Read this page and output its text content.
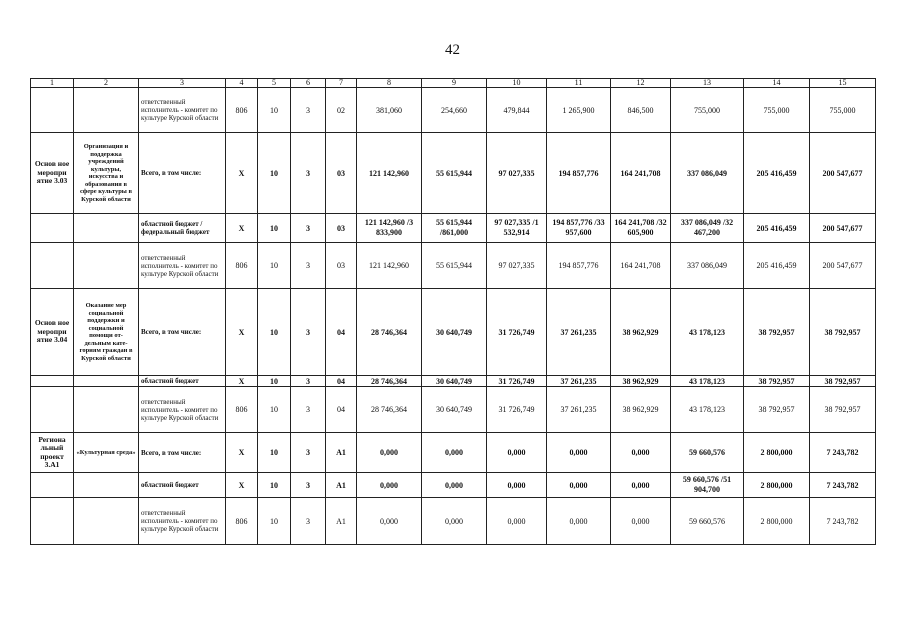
42
1	2	3	4	5	6	7	8	9	10	11	12	13	14	15
		ответственный исполнитель - комитет по культуре Курской области	806	10	3	02	381,060	254,660	479,844	1 265,900	846,500	755,000	755,000	755,000
Основ ное меропри ятие 3.03	Организация и поддержка учреждений культуры, искусства и образования в сфере культуры в Курской области	Всего, в том числе:	Х	10	3	03	121 142,960	55 615,944	97 027,335	194 857,776	164 241,708	337 086,049	205 416,459	200 547,677
		областной бюджет /федеральный бюджет	Х	10	3	03	121 142,960 /3 833,900	55 615,944 /861,000	97 027,335 /1 532,914	194 857,776 /33 957,600	164 241,708 /32 605,900	337 086,049 /32 467,200	205 416,459	200 547,677
		ответственный исполнитель - комитет по культуре Курской области	806	10	3	03	121 142,960	55 615,944	97 027,335	194 857,776	164 241,708	337 086,049	205 416,459	200 547,677
Основ ное меропри ятие 3.04	Оказание мер социальной поддержки и социальной помощи от-дельным кате-гориям граждан в Курской области	Всего, в том числе:	Х	10	3	04	28 746,364	30 640,749	31 726,749	37 261,235	38 962,929	43 178,123	38 792,957	38 792,957
		областной бюджет	Х	10	3	04	28 746,364	30 640,749	31 726,749	37 261,235	38 962,929	43 178,123	38 792,957	38 792,957
		ответственный исполнитель - комитет по культуре Курской области	806	10	3	04	28 746,364	30 640,749	31 726,749	37 261,235	38 962,929	43 178,123	38 792,957	38 792,957
Регионa льный проект 3.А1	«Культурная среда»	Всего, в том числе:	Х	10	3	А1	0,000	0,000	0,000	0,000	0,000	59 660,576	2 800,000	7 243,782
		областной бюджет	Х	10	3	А1	0,000	0,000	0,000	0,000	0,000	59 660,576 /51 904,700	2 800,000	7 243,782
		ответственный исполнитель - комитет по культуре Курской области	806	10	3	А1	0,000	0,000	0,000	0,000	0,000	59 660,576	2 800,000	7 243,782
